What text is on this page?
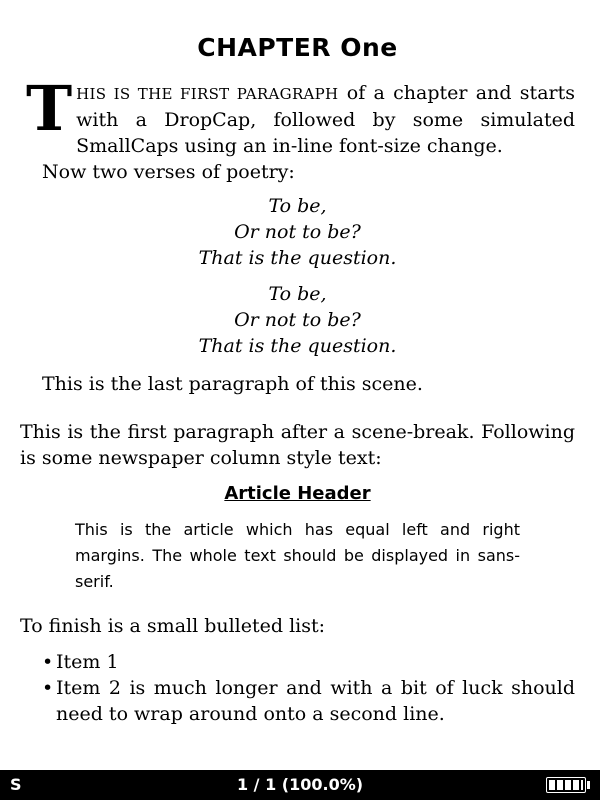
CHAPTER One

THIS IS THE FIRST PARAGRAPH of a chapter and starts with a DropCap, followed by some simulated SmallCaps using an in-line font-size change.

Now two verses of poetry:

To be,
Or not to be?
That is the question.
To be,
Or not to be?
That is the question.

This is the last paragraph of this scene.

This is the first paragraph after a scene-break. Following is some newspaper column style text:

Article Header

This is the article which has equal left and right margins. The whole text should be displayed in sans-serif.

To finish is a small bulleted list:

• Item 1
• Item 2 is much longer and with a bit of luck should need to wrap around onto a second line.
S	1 / 1 (100.0%)
